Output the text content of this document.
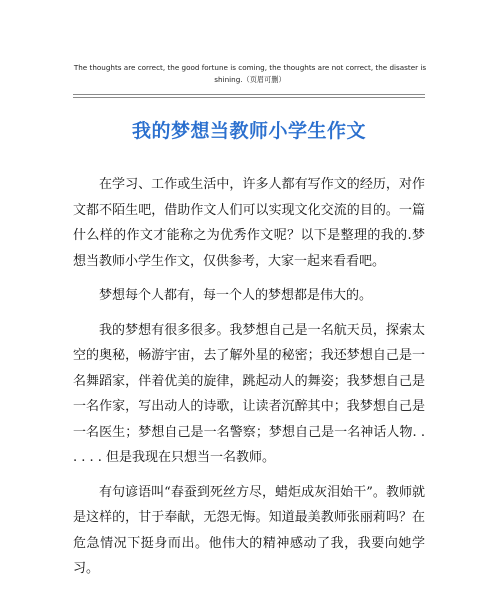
The thoughts are correct, the good fortune is coming, the thoughts are not correct, the disaster is shining.（页眉可删）
我的梦想当教师小学生作文

在学习、工作或生活中，许多人都有写作文的经历，对作文都不陌生吧，借助作文人们可以实现文化交流的目的。一篇什么样的作文才能称之为优秀作文呢？以下是整理的我的.梦想当教师小学生作文，仅供参考，大家一起来看看吧。

梦想每个人都有，每一个人的梦想都是伟大的。

我的梦想有很多很多。我梦想自己是一名航天员，探索太空的奥秘，畅游宇宙，去了解外星的秘密；我还梦想自己是一名舞蹈家，伴着优美的旋律，跳起动人的舞姿；我梦想自己是一名作家，写出动人的诗歌，让读者沉醉其中；我梦想自己是一名医生；梦想自己是一名警察；梦想自己是一名神话人物. . . . . . 但是我现在只想当一名教师。

有句谚语叫“春蚕到死丝方尽，蜡炬成灰泪始干”。教师就是这样的，甘于奉献，无怨无悔。知道最美教师张丽莉吗？在危急情况下挺身而出。他伟大的精神感动了我，我要向她学习。
